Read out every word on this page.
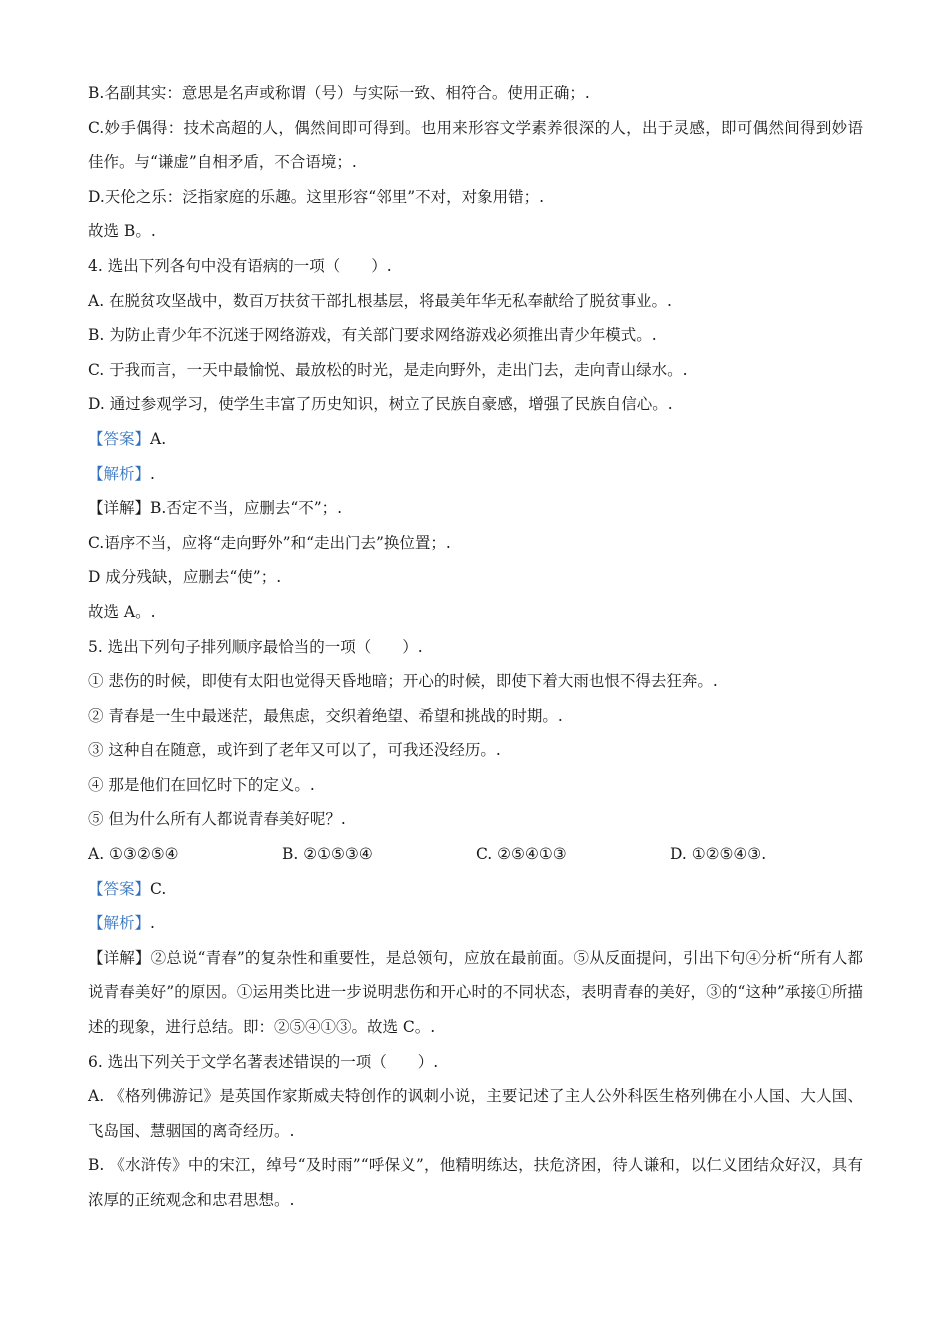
B.名副其实：意思是名声或称谓（号）与实际一致、相符合。使用正确；.
C.妙手偶得：技术高超的人，偶然间即可得到。也用来形容文学素养很深的人，出于灵感，即可偶然间得到妙语佳作。与“谦虚”自相矛盾，不合语境；.
D.天伦之乐：泛指家庭的乐趣。这里形容“邻里”不对，对象用错；.
故选 B。.
4. 选出下列各句中没有语病的一项（　　）.
A. 在脱贫攻坚战中，数百万扶贫干部扎根基层，将最美年华无私奉献给了脱贫事业。.
B. 为防止青少年不沉迷于网络游戏，有关部门要求网络游戏必须推出青少年模式。.
C. 于我而言，一天中最愉悦、最放松的时光，是走向野外，走出门去，走向青山绿水。.
D. 通过参观学习，使学生丰富了历史知识，树立了民族自豪感，增强了民族自信心。.
【答案】A.
【解析】.
【详解】B.否定不当，应删去“不”；.
C.语序不当，应将“走向野外”和“走出门去”换位置；.
D 成分残缺，应删去“使”；.
故选 A。.
5. 选出下列句子排列顺序最恰当的一项（　　）.
① 悲伤的时候，即使有太阳也觉得天昏地暗；开心的时候，即使下着大雨也恨不得去狂奔。.
② 青春是一生中最迷茫，最焦虑，交织着绝望、希望和挑战的时期。.
③ 这种自在随意，或许到了老年又可以了，可我还没经历。.
④ 那是他们在回忆时下的定义。.
⑤ 但为什么所有人都说青春美好呢？.
A. ①③②⑤④	B. ②①⑤③④	C. ②⑤④①③	D. ①②⑤④③.
【答案】C.
【解析】.
【详解】②总说“青春”的复杂性和重要性，是总领句，应放在最前面。⑤从反面提问，引出下句④分析“所有人都说青春美好”的原因。①运用类比进一步说明悲伤和开心时的不同状态，表明青春的美好，③的“这种”承接①所描述的现象，进行总结。即：②⑤④①③。故选 C。.
6. 选出下列关于文学名著表述错误的一项（　　）.
A. 《格列佛游记》是英国作家斯威夫特创作的讽刺小说，主要记述了主人公外科医生格列佛在小人国、大人国、飞岛国、慧骃国的离奇经历。.
B. 《水浒传》中的宋江，绰号“及时雨”“呼保义”，他精明练达，扶危济困，待人谦和，以仁义团结众好汉，具有浓厚的正统观念和忠君思想。.
